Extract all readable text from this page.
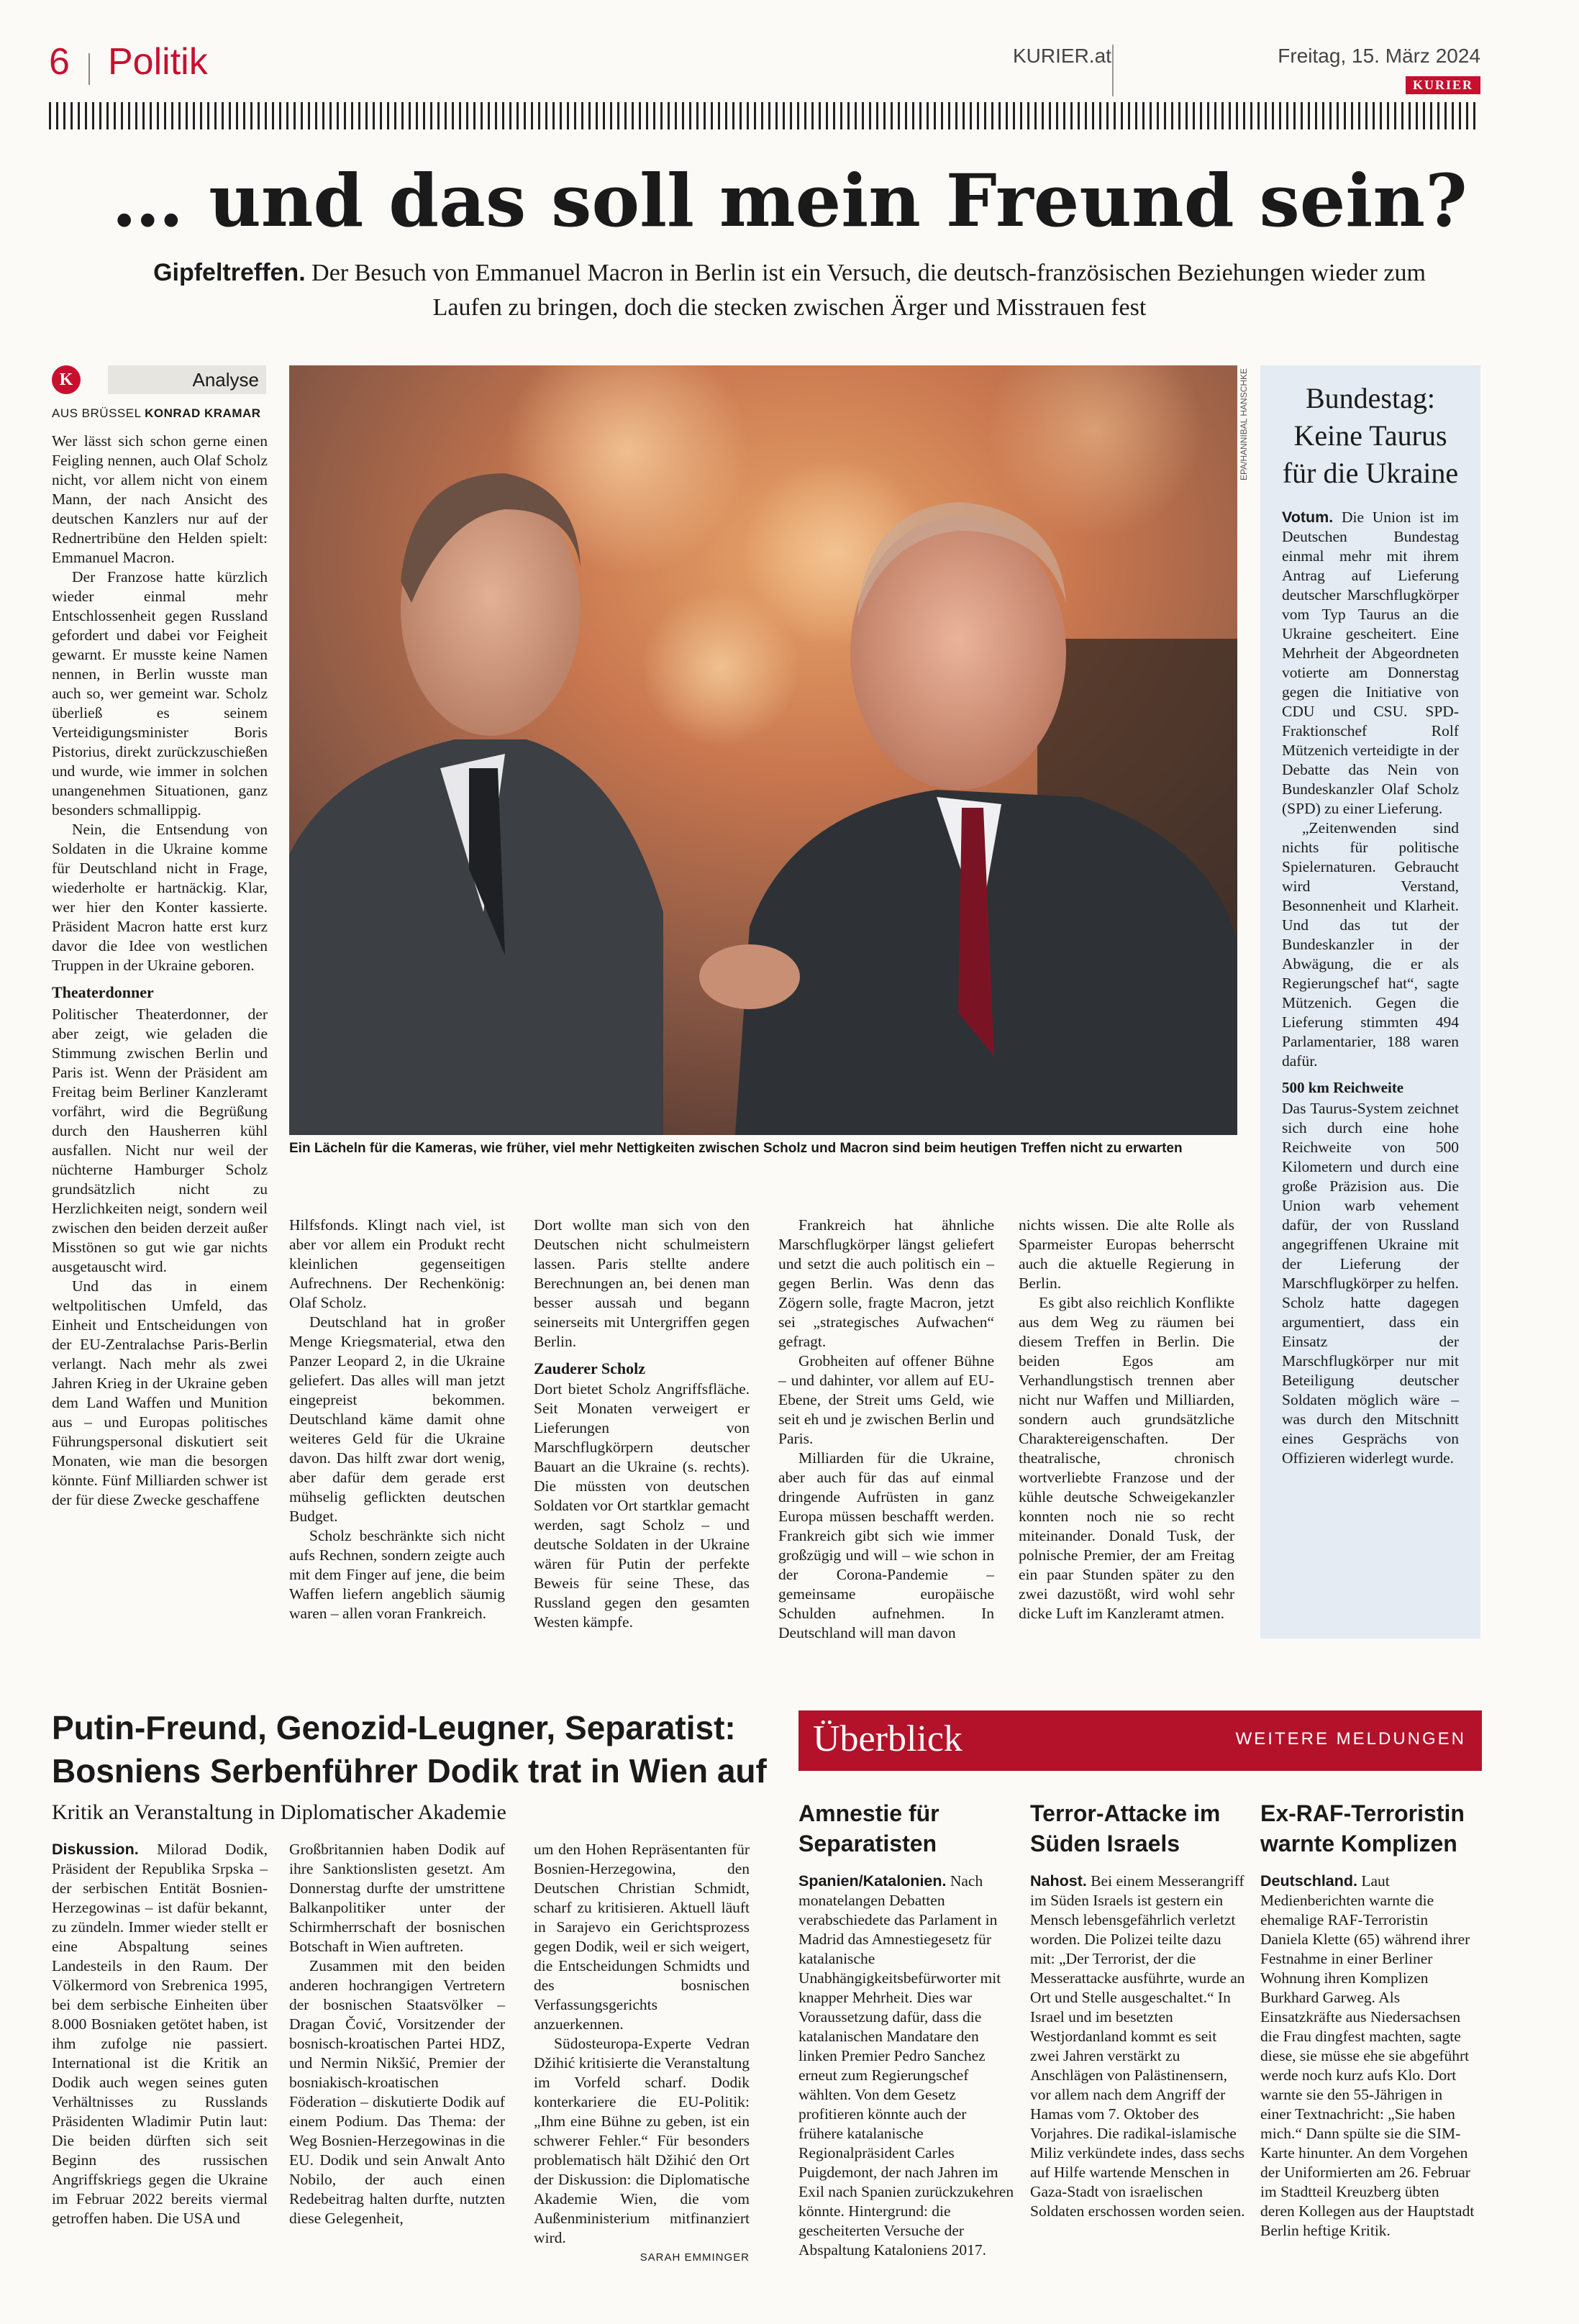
6 Politik	KURIER.at	Freitag, 15. März 2024
KURIER
… und das soll mein Freund sein?
Gipfeltreffen. Der Besuch von Emmanuel Macron in Berlin ist ein Versuch, die deutsch-französischen Beziehungen wieder zum Laufen zu bringen, doch die stecken zwischen Ärger und Misstrauen fest
K	Analyse
AUS BRÜSSEL KONRAD KRAMAR

Wer lässt sich schon gerne einen Feigling nennen, auch Olaf Scholz nicht, vor allem nicht von einem Mann, der nach Ansicht des deutschen Kanzlers nur auf der Rednertribüne den Helden spielt: Emmanuel Macron.

Der Franzose hatte kürzlich wieder einmal mehr Entschlossenheit gegen Russland gefordert und dabei vor Feigheit gewarnt. Er musste keine Namen nennen, in Berlin wusste man auch so, wer gemeint war. Scholz überließ es seinem Verteidigungsminister Boris Pistorius, direkt zurückzuschießen und wurde, wie immer in solchen unangenehmen Situationen, ganz besonders schmallippig.

Nein, die Entsendung von Soldaten in die Ukraine komme für Deutschland nicht in Frage, wiederholte er hartnäckig. Klar, wer hier den Konter kassierte. Präsident Macron hatte erst kurz davor die Idee von westlichen Truppen in der Ukraine geboren.

Theaterdonner
EPA/HANNIBAL HANSCHKE
Ein Lächeln für die Kameras, wie früher, viel mehr Nettigkeiten zwischen Scholz und Macron sind beim heutigen Treffen nicht zu erwarten

Politischer Theaterdonner, der aber zeigt, wie geladen die Stimmung zwischen Berlin und Paris ist. Wenn der Präsident am Freitag beim Berliner Kanzleramt vorfährt, wird die Begrüßung durch den Hausherren kühl ausfallen. Nicht nur weil der nüchterne Hamburger Scholz grundsätzlich nicht zu Herzlichkeiten neigt, sondern weil zwischen den beiden derzeit außer Misstönen so gut wie gar nichts ausgetauscht wird.

Und das in einem weltpolitischen Umfeld, das Einheit und Entscheidungen von der EU-Zentralachse Paris-Berlin verlangt. Nach mehr als zwei Jahren Krieg in der Ukraine geben dem Land Waffen und Munition aus – und Europas politisches Führungspersonal diskutiert seit Monaten, wie man die besorgen könnte. Fünf Milliarden schwer ist der für diese Zwecke geschaffene

Hilfsfonds. Klingt nach viel, ist aber vor allem ein Produkt recht kleinlichen gegenseitigen Aufrechnens. Der Rechenkönig: Olaf Scholz.

Deutschland hat in großer Menge Kriegsmaterial, etwa den Panzer Leopard 2, in die Ukraine geliefert. Das alles will man jetzt eingepreist bekommen. Deutschland käme damit ohne weiteres Geld für die Ukraine davon. Das hilft zwar dort wenig, aber dafür dem gerade erst mühselig geflickten deutschen Budget.

Scholz beschränkte sich nicht aufs Rechnen, sondern zeigte auch mit dem Finger auf jene, die beim Waffen liefern angeblich säumig waren – allen voran Frankreich.

Dort wollte man sich von den Deutschen nicht schulmeistern lassen. Paris stellte andere Berechnungen an, bei denen man besser aussah und begann seinerseits mit Untergriffen gegen Berlin.

Zauderer Scholz

Dort bietet Scholz Angriffsfläche. Seit Monaten verweigert er Lieferungen von Marschflugkörpern deutscher Bauart an die Ukraine (s. rechts). Die müssten von deutschen Soldaten vor Ort startklar gemacht werden, sagt Scholz – und deutsche Soldaten in der Ukraine wären für Putin der perfekte Beweis für seine These, das Russland gegen den gesamten Westen kämpfe.

Frankreich hat ähnliche Marschflugkörper längst geliefert und setzt die auch politisch ein – gegen Berlin. Was denn das Zögern solle, fragte Macron, jetzt sei „strategisches Aufwachen“ gefragt.

Grobheiten auf offener Bühne – und dahinter, vor allem auf EU-Ebene, der Streit ums Geld, wie seit eh und je zwischen Berlin und Paris.

Milliarden für die Ukraine, aber auch für das auf einmal dringende Aufrüsten in ganz Europa müssen beschafft werden. Frankreich gibt sich wie immer großzügig und will – wie schon in der Corona-Pandemie – gemeinsame europäische Schulden aufnehmen. In Deutschland will man davon

nichts wissen. Die alte Rolle als Sparmeister Europas beherrscht auch die aktuelle Regierung in Berlin.

Es gibt also reichlich Konflikte aus dem Weg zu räumen bei diesem Treffen in Berlin. Die beiden Egos am Verhandlungstisch trennen aber nicht nur Waffen und Milliarden, sondern auch grundsätzliche Charaktereigenschaften. Der theatralische, chronisch wortverliebte Franzose und der kühle deutsche Schweigekanzler konnten noch nie so recht miteinander. Donald Tusk, der polnische Premier, der am Freitag ein paar Stunden später zu den zwei dazustößt, wird wohl sehr dicke Luft im Kanzleramt atmen.

Bundestag: Keine Taurus für die Ukraine

Votum. Die Union ist im Deutschen Bundestag einmal mehr mit ihrem Antrag auf Lieferung deutscher Marschflugkörper vom Typ Taurus an die Ukraine gescheitert. Eine Mehrheit der Abgeordneten votierte am Donnerstag gegen die Initiative von CDU und CSU. SPD-Fraktionschef Rolf Mützenich verteidigte in der Debatte das Nein von Bundeskanzler Olaf Scholz (SPD) zu einer Lieferung.

„Zeitenwenden sind nichts für politische Spielernaturen. Gebraucht wird Verstand, Besonnenheit und Klarheit. Und das tut der Bundeskanzler in der Abwägung, die er als Regierungschef hat“, sagte Mützenich. Gegen die Lieferung stimmten 494 Parlamentarier, 188 waren dafür.

500 km Reichweite

Das Taurus-System zeichnet sich durch eine hohe Reichweite von 500 Kilometern und durch eine große Präzision aus. Die Union warb vehement dafür, der von Russland angegriffenen Ukraine mit der Lieferung der Marschflugkörper zu helfen. Scholz hatte dagegen argumentiert, dass ein Einsatz der Marschflugkörper nur mit Beteiligung deutscher Soldaten möglich wäre – was durch den Mitschnitt eines Gesprächs von Offizieren widerlegt wurde.

Putin-Freund, Genozid-Leugner, Separatist:
Bosniens Serbenführer Dodik trat in Wien auf
Kritik an Veranstaltung in Diplomatischer Akademie

Diskussion. Milorad Dodik, Präsident der Republika Srpska – der serbischen Entität Bosnien-Herzegowinas – ist dafür bekannt, zu zündeln. Immer wieder stellt er eine Abspaltung seines Landesteils in den Raum. Der Völkermord von Srebrenica 1995, bei dem serbische Einheiten über 8.000 Bosniaken getötet haben, ist ihm zufolge nie passiert. International ist die Kritik an Dodik auch wegen seines guten Verhältnisses zu Russlands Präsidenten Wladimir Putin laut: Die beiden dürften sich seit Beginn des russischen Angriffskriegs gegen die Ukraine im Februar 2022 bereits viermal getroffen haben. Die USA und

Großbritannien haben Dodik auf ihre Sanktionslisten gesetzt. Am Donnerstag durfte der umstrittene Balkanpolitiker unter der Schirmherrschaft der bosnischen Botschaft in Wien auftreten.

Zusammen mit den beiden anderen hochrangigen Vertretern der bosnischen Staatsvölker – Dragan Čović, Vorsitzender der bosnisch-kroatischen Partei HDZ, und Nermin Nikšić, Premier der bosniakisch-kroatischen Föderation – diskutierte Dodik auf einem Podium. Das Thema: der Weg Bosnien-Herzegowinas in die EU. Dodik und sein Anwalt Anto Nobilo, der auch einen Redebeitrag halten durfte, nutzten diese Gelegenheit,

um den Hohen Repräsentanten für Bosnien-Herzegowina, den Deutschen Christian Schmidt, scharf zu kritisieren. Aktuell läuft in Sarajevo ein Gerichtsprozess gegen Dodik, weil er sich weigert, die Entscheidungen Schmidts und des bosnischen Verfassungsgerichts anzuerkennen.

Südosteuropa-Experte Vedran Džihić kritisierte die Veranstaltung im Vorfeld scharf. Dodik konterkariere die EU-Politik: „Ihm eine Bühne zu geben, ist ein schwerer Fehler.“ Für besonders problematisch hält Džihić den Ort der Diskussion: die Diplomatische Akademie Wien, die vom Außenministerium mitfinanziert wird.

SARAH EMMINGER
Überblick	WEITERE MELDUNGEN
Amnestie für Separatisten

Spanien/Katalonien. Nach monatelangen Debatten verabschiedete das Parlament in Madrid das Amnestiegesetz für katalanische Unabhängigkeitsbefürworter mit knapper Mehrheit. Dies war Voraussetzung dafür, dass die katalanischen Mandatare den linken Premier Pedro Sanchez erneut zum Regierungschef wählten. Von dem Gesetz profitieren könnte auch der frühere katalanische Regionalpräsident Carles Puigdemont, der nach Jahren im Exil nach Spanien zurückzukehren könnte. Hintergrund: die gescheiterten Versuche der Abspaltung Kataloniens 2017.

Terror-Attacke im Süden Israels

Nahost. Bei einem Messerangriff im Süden Israels ist gestern ein Mensch lebensgefährlich verletzt worden. Die Polizei teilte dazu mit: „Der Terrorist, der die Messerattacke ausführte, wurde an Ort und Stelle ausgeschaltet.“ In Israel und im besetzten Westjordanland kommt es seit zwei Jahren verstärkt zu Anschlägen von Palästinensern, vor allem nach dem Angriff der Hamas vom 7. Oktober des Vorjahres. Die radikal-islamische Miliz verkündete indes, dass sechs auf Hilfe wartende Menschen in Gaza-Stadt von israelischen Soldaten erschossen worden seien.

Ex-RAF-Terroristin warnte Komplizen

Deutschland. Laut Medienberichten warnte die ehemalige RAF-Terroristin Daniela Klette (65) während ihrer Festnahme in einer Berliner Wohnung ihren Komplizen Burkhard Garweg. Als Einsatzkräfte aus Niedersachsen die Frau dingfest machten, sagte diese, sie müsse ehe sie abgeführt werde noch kurz aufs Klo. Dort warnte sie den 55-Jährigen in einer Textnachricht: „Sie haben mich.“ Dann spülte sie die SIM-Karte hinunter. An dem Vorgehen der Uniformierten am 26. Februar im Stadtteil Kreuzberg übten deren Kollegen aus der Hauptstadt Berlin heftige Kritik.
